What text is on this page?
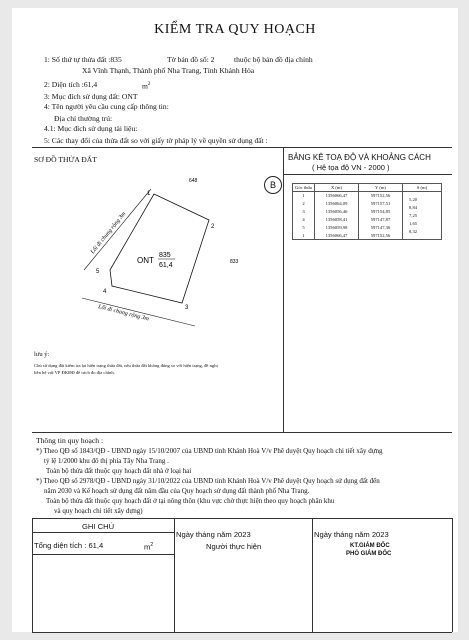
KIỂM TRA QUY HOẠCH
1: Số thứ tự thửa đất :835	Tờ bản đồ số: 2	thuộc bộ bản đồ địa chính
Xã Vĩnh Thạnh, Thành phố Nha Trang, Tỉnh Khánh Hòa
2: Diện tích :61,4	$m^2$
3: Mục đích sử dụng đất: ONT
4: Tên người yêu cầu cung cấp thông tin:
Địa chỉ thường trú:
4.1: Mục đích sử dụng tài liệu:
5: Các thay đổi của thửa đất so với giấy tờ pháp lý về quyền sử dụng đất :
SƠ ĐỒ THỬA ĐẤT
1
2
3
4
5
648
833
Lối đi chung rộng 3m
Lối đi chung rộng 3m
ONT
835
61,4
lưu ý:
Chủ sử dụng đất kiểm tra lại hiện trạng thửa đất, nếu thửa đất không đúng so với hiện trạng, đề nghị
liên hệ với VP ĐKĐĐ để trích đo địa chính.
BẢNG KÊ TOẠ ĐỘ VÀ KHOẢNG CÁCH
( Hệ tọa độ VN - 2000 )
B	Góc thửa	X (m)	Y (m)	S (m)
1	1356066,47	597152,56	5,20

2	1356064,09	597157,51	8,84

3	1356056,46	597154,85	7,25

4	1356058,41	597147,87	1,65

5	1356059,98	597147,36	8,32

1	1356066,47	597152,56	
Thông tin quy hoạch :
*) Theo QĐ số 1843/QĐ - UBND ngày 15/10/2007 của UBND tỉnh Khánh Hoà V/v Phê duyệt Quy hoạch chi tiết xây dựng
tỷ lệ 1/2000 khu đô thị phía Tây Nha Trang .
Toàn bộ thửa đất thuộc quy hoạch đất nhà ở loại hai
*) Theo QĐ số 2978/QĐ - UBND ngày 31/10/2022 của UBND tỉnh Khánh Hoà V/v Phê duyệt Quy hoạch sử dụng đất đến
năm 2030 và Kế hoạch sử dụng đất năm đầu của Quy hoạch sử dụng đất thành phố Nha Trang.
Toàn bộ thửa đất thuộc quy hoạch đất ở tại nông thôn (khu vực chờ thực hiện theo quy hoạch phân khu
và quy hoạch chi tiết xây dựng)
GHI CHÚ
Tổng diện tích : 61,4	$m^2$
Ngày tháng năm 2023
Người thực hiện
Ngày tháng năm 2023
KT.GIÁM ĐỐC
PHÓ GIÁM ĐỐC
